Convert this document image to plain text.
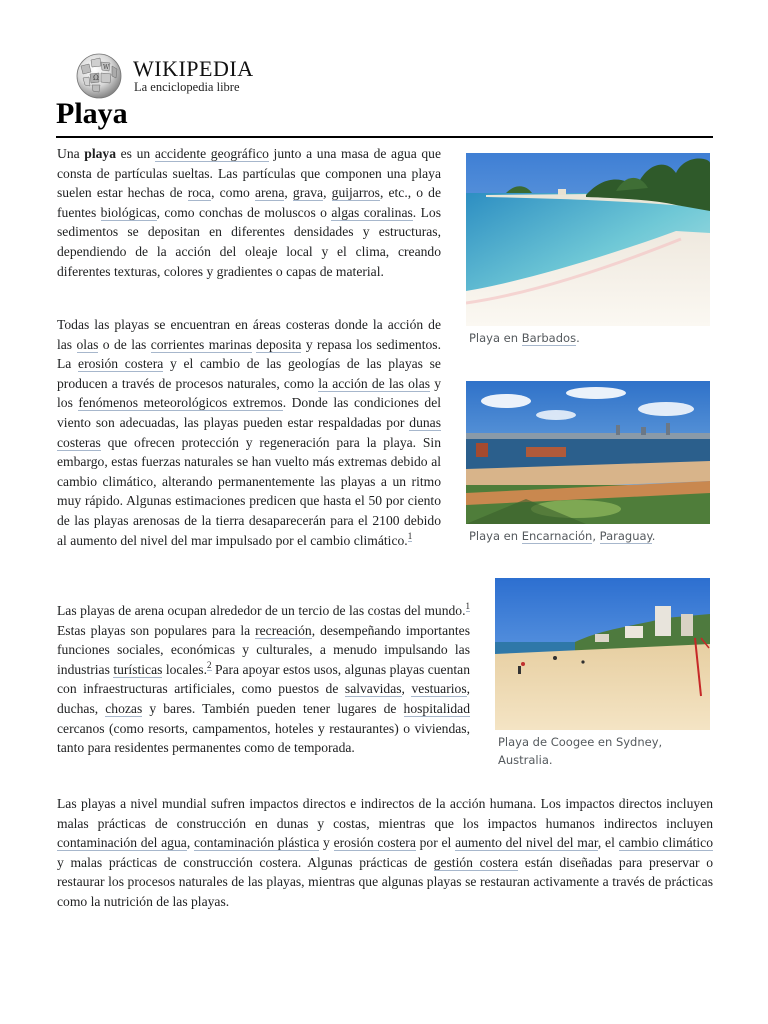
Ω
W WIKIPEDIA
La enciclopedia libre
Playa

Una playa es un accidente geográfico junto a una masa de agua que consta de partículas sueltas. Las partículas que componen una playa suelen estar hechas de roca, como arena, grava, guijarros, etc., o de fuentes biológicas, como conchas de moluscos o algas coralinas. Los sedimentos se depositan en diferentes densidades y estructuras, dependiendo de la acción del oleaje local y el clima, creando diferentes texturas, colores y gradientes o capas de material.

Todas las playas se encuentran en áreas costeras donde la acción de las olas o de las corrientes marinas deposita y repasa los sedimentos. La erosión costera y el cambio de las geologías de las playas se producen a través de procesos naturales, como la acción de las olas y los fenómenos meteorológicos extremos. Donde las condiciones del viento son adecuadas, las playas pueden estar respaldadas por dunas costeras que ofrecen protección y regeneración para la playa. Sin embargo, estas fuerzas naturales se han vuelto más extremas debido al cambio climático, alterando permanentemente las playas a un ritmo muy rápido. Algunas estimaciones predicen que hasta el 50 por ciento de las playas arenosas de la tierra desaparecerán para el 2100 debido al aumento del nivel del mar impulsado por el cambio climático.$^1$

Las playas de arena ocupan alrededor de un tercio de las costas del mundo.$^1$ Estas playas son populares para la recreación, desempeñando importantes funciones sociales, económicas y culturales, a menudo impulsando las industrias turísticas locales.$^2$ Para apoyar estos usos, algunas playas cuentan con infraestructuras artificiales, como puestos de salvavidas, vestuarios, duchas, chozas y bares. También pueden tener lugares de hospitalidad cercanos (como resorts, campamentos, hoteles y restaurantes) o viviendas, tanto para residentes permanentes como de temporada.

Las playas a nivel mundial sufren impactos directos e indirectos de la acción humana. Los impactos directos incluyen malas prácticas de construcción en dunas y costas, mientras que los impactos humanos indirectos incluyen contaminación del agua, contaminación plástica y erosión costera por el aumento del nivel del mar, el cambio climático y malas prácticas de construcción costera. Algunas prácticas de gestión costera están diseñadas para preservar o restaurar los procesos naturales de las playas, mientras que algunas playas se restauran activamente a través de prácticas como la nutrición de las playas.

Playa en Barbados.
Playa en Encarnación, Paraguay.
Playa de Coogee en Sydney, Australia.
